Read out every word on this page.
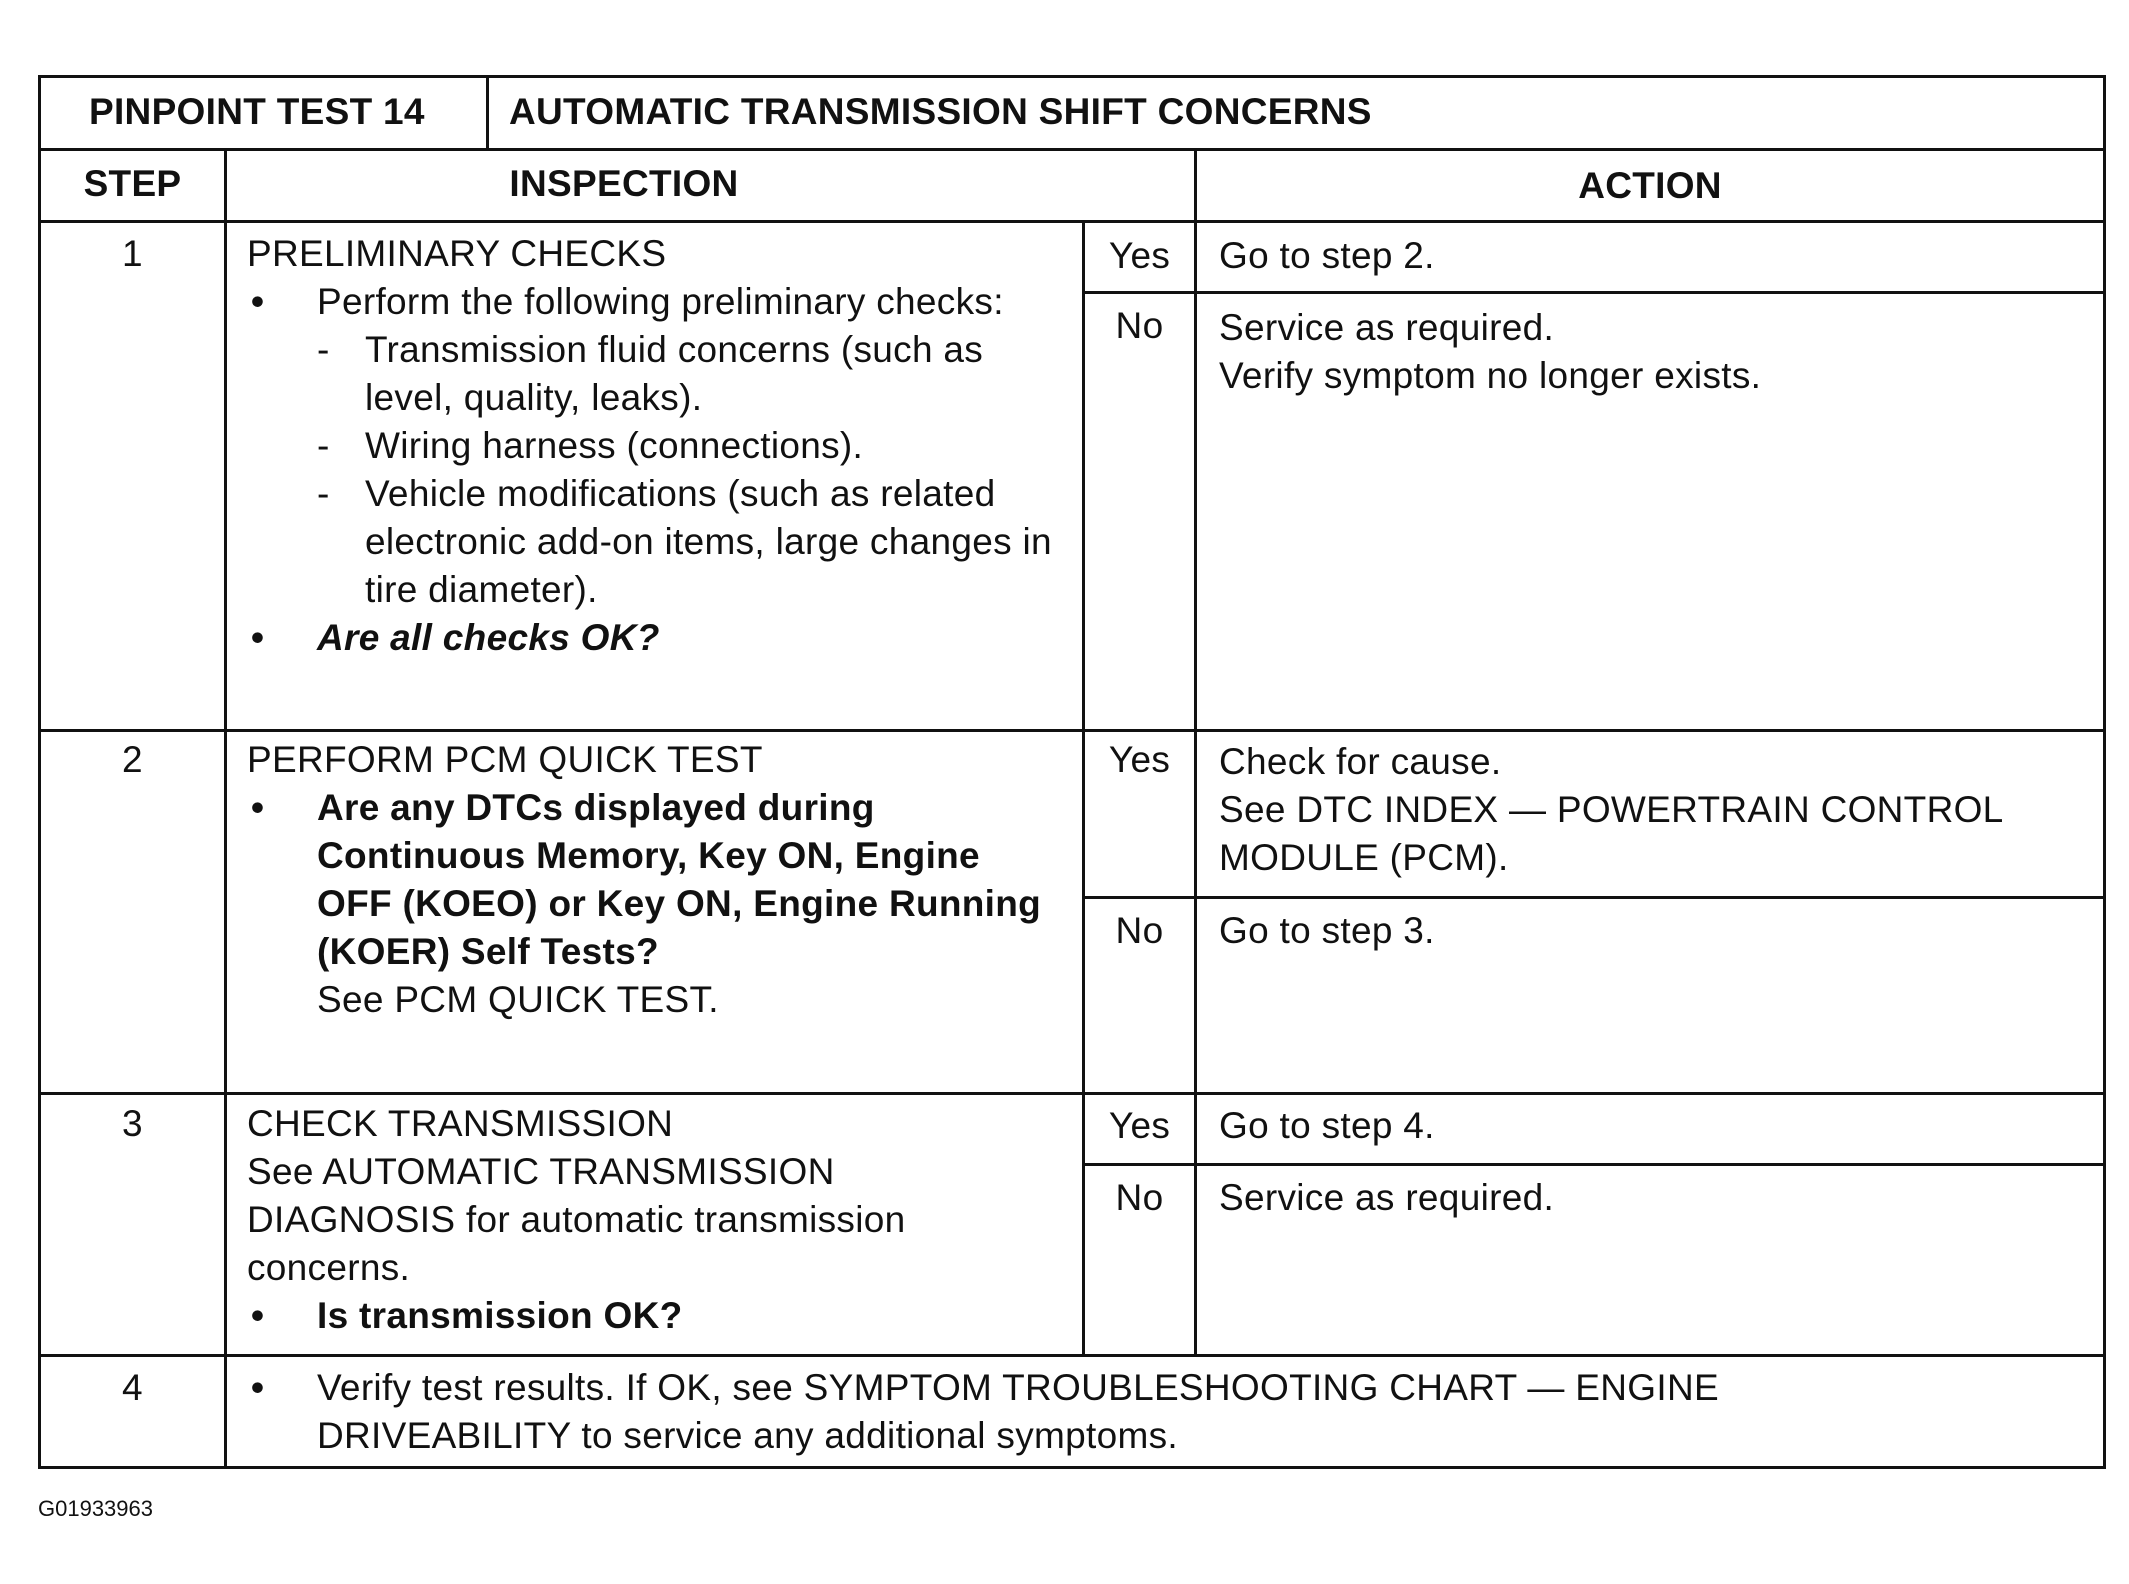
PINPOINT TEST 14 AUTOMATIC TRANSMISSION SHIFT CONCERNS
STEP	INSPECTION	ACTION
1	PRELIMINARY CHECKS
• Perform the following preliminary checks:
- Transmission fluid concerns (such as level, quality, leaks).
- Wiring harness (connections).
- Vehicle modifications (such as related electronic add-on items, large changes in tire diameter).
• Are all checks OK?
Yes	Go to step 2.
No	Service as required.
Verify symptom no longer exists.
2	PERFORM PCM QUICK TEST
• Are any DTCs displayed during Continuous Memory, Key ON, Engine OFF (KOEO) or Key ON, Engine Running (KOER) Self Tests?
See PCM QUICK TEST.
Yes	Check for cause.
See DTC INDEX — POWERTRAIN CONTROL MODULE (PCM).
No	Go to step 3.
3	CHECK TRANSMISSION
See AUTOMATIC TRANSMISSION DIAGNOSIS for automatic transmission concerns.
• Is transmission OK?
Yes	Go to step 4.
No	Service as required.
4	• Verify test results. If OK, see SYMPTOM TROUBLESHOOTING CHART — ENGINE DRIVEABILITY to service any additional symptoms.
G01933963
